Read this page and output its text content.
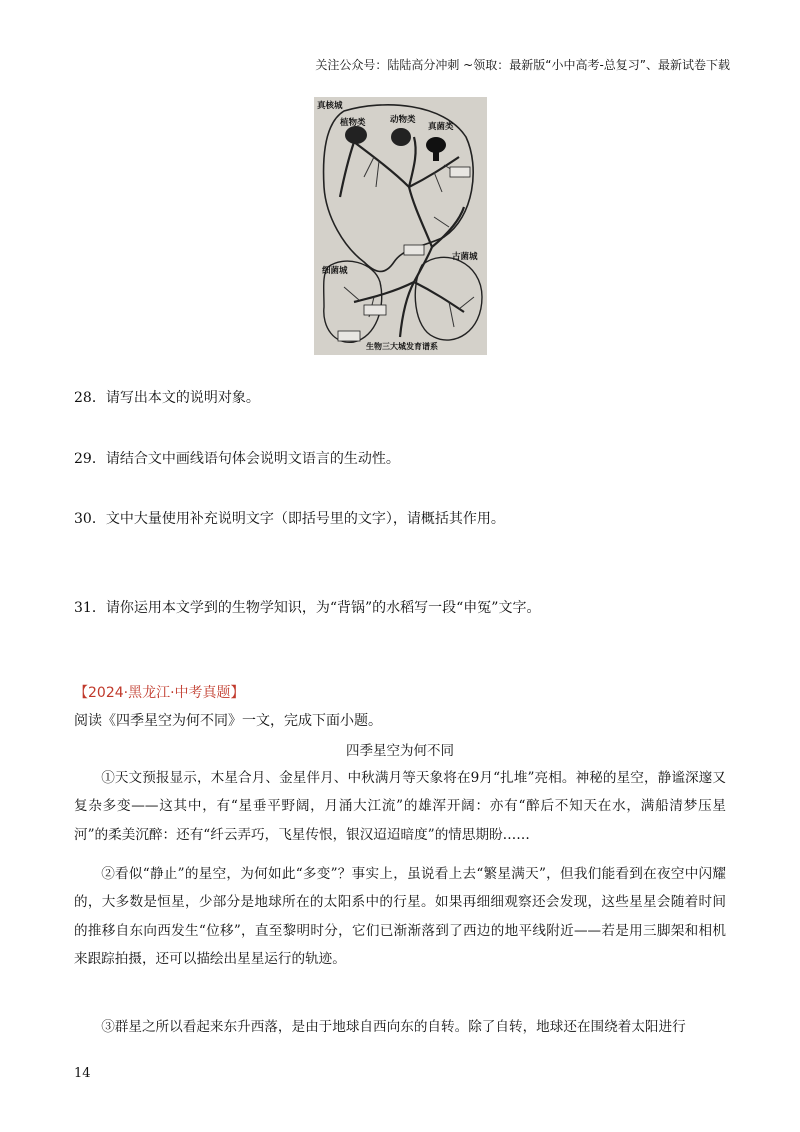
关注公众号：陆陆高分冲刺 ~领取：最新版“小中高考-总复习”、最新试卷下载
真核城
植物类	动物类
真菌类
细菌城
古菌城
生物三大城发育谱系
28．请写出本文的说明对象。
29．请结合文中画线语句体会说明文语言的生动性。
30．文中大量使用补充说明文字（即括号里的文字），请概括其作用。
31．请你运用本文学到的生物学知识，为“背锅”的水稻写一段“申冤”文字。
【2024·黑龙江·中考真题】
阅读《四季星空为何不同》一文，完成下面小题。
四季星空为何不同
①天文预报显示，木星合月、金星伴月、中秋满月等天象将在9月“扎堆”亮相。神秘的星空，静谧深邃又复杂多变——这其中，有“星垂平野阔，月涌大江流”的雄浑开阔：亦有“醉后不知天在水，满船清梦压星河”的柔美沉醉：还有“纤云弄巧，飞星传恨，银汉迢迢暗度”的情思期盼……
②看似“静止”的星空，为何如此“多变”？事实上，虽说看上去“繁星满天”，但我们能看到在夜空中闪耀的，大多数是恒星，少部分是地球所在的太阳系中的行星。如果再细细观察还会发现，这些星星会随着时间的推移自东向西发生“位移”，直至黎明时分，它们已渐渐落到了西边的地平线附近——若是用三脚架和相机来跟踪拍摄，还可以描绘出星星运行的轨迹。
③群星之所以看起来东升西落，是由于地球自西向东的自转。除了自转，地球还在围绕着太阳进行
14
